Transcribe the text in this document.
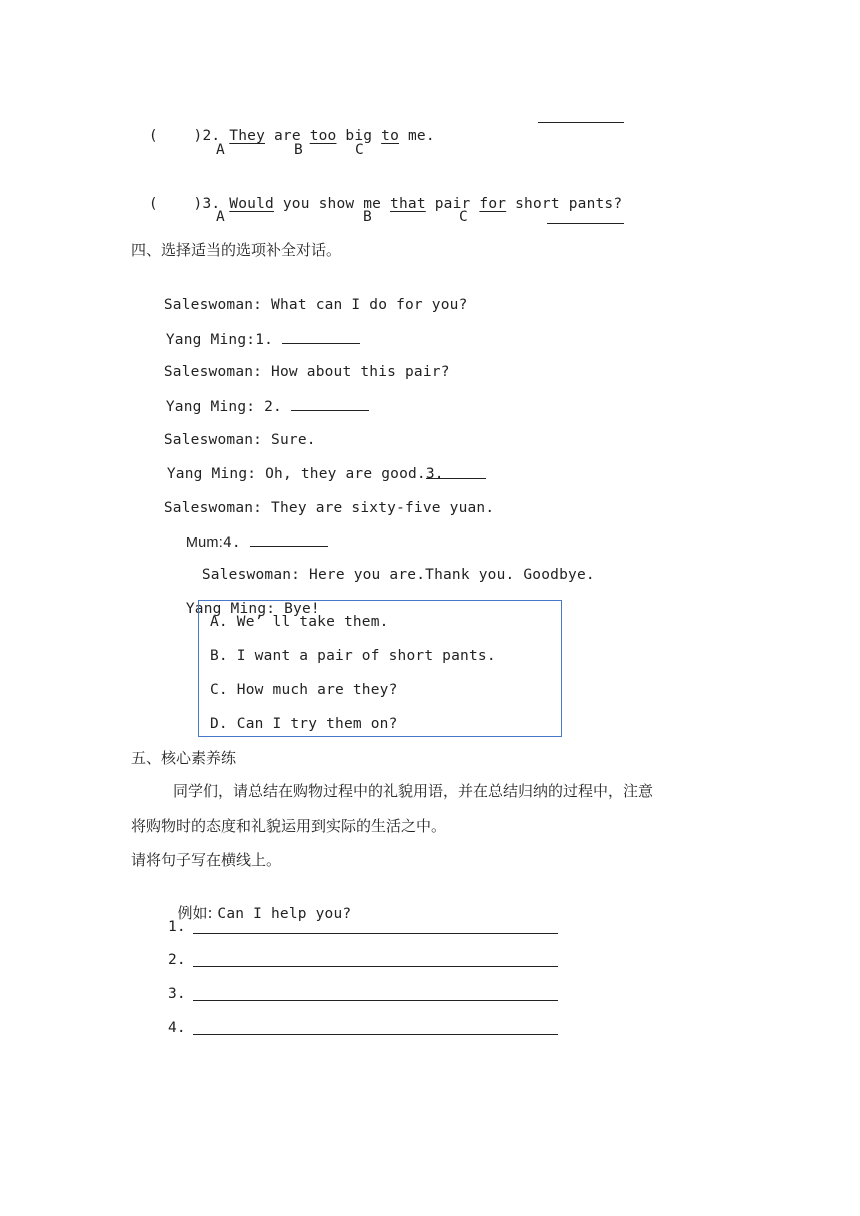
(    )2. They are too big to me.

A	B	C

(    )3. Would you show me that pair for short pants?

A	B	C
四、选择适当的选项补全对话。

Saleswoman: What can I do for you?

Yang Ming:1.

Saleswoman: How about this pair?

Yang Ming: 2.

Saleswoman: Sure.

Yang Ming: Oh, they are good.3.

Saleswoman: They are sixty-five yuan.

Mum:4.

Saleswoman: Here you are.Thank you. Goodbye.

Yang Ming: Bye!

A. We’ ll take them.
B. I want a pair of short pants.
C. How much are they?
D. Can I try them on?
五、核心素养练
同学们，请总结在购物过程中的礼貌用语，并在总结归纳的过程中，注意
将购物时的态度和礼貌运用到实际的生活之中。
请将句子写在横线上。

例如: Can I help you?

1.
2.
3.
4.
